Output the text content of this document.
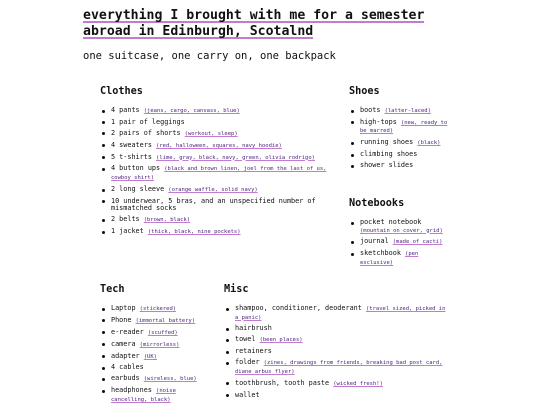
everything I brought with me for a semester abroad in Edinburgh, Scotalnd
one suitcase, one carry on, one backpack
Clothes
4 pants (jeans, cargo, canvass, blue)
1 pair of leggings
2 pairs of shorts (workout, sleep)
4 sweaters (red, halloween, squares, navy hoodie)
5 t-shirts (lime, gray, black, navy, green, olivia rodrigo)
4 button ups (black and brown linen, joel from the last of us, cowboy shirt)
2 long sleeve (orange waffle, solid navy)
10 underwear, 5 bras, and an unspecified number of mismatched socks
2 belts (brown, black)
1 jacket (thick, black, nine pockets)
Shoes
boots (latter-laced)
high-tops (new, ready to be marred)
running shoes (black)
climbing shoes
shower slides
Notebooks
pocket notebook (mountain on cover, grid)
journal (made of cacti)
sketchbook (pen exclusive)
Tech
Laptop (stickered)
Phone (immortal battery)
e-reader (scuffed)
camera (mirrorless)
adapter (UK)
4 cables
earbuds (wireless, blue)
headphones (noise cancelling, black)
Misc
shampoo, conditioner, deoderant (travel sized, picked in a panic)
hairbrush
towel (been places)
retainers
folder (zines, drawings from friends, breaking bad post card, diane arbus flyer)
toothbrush, tooth paste (wicked fresh!)
wallet
